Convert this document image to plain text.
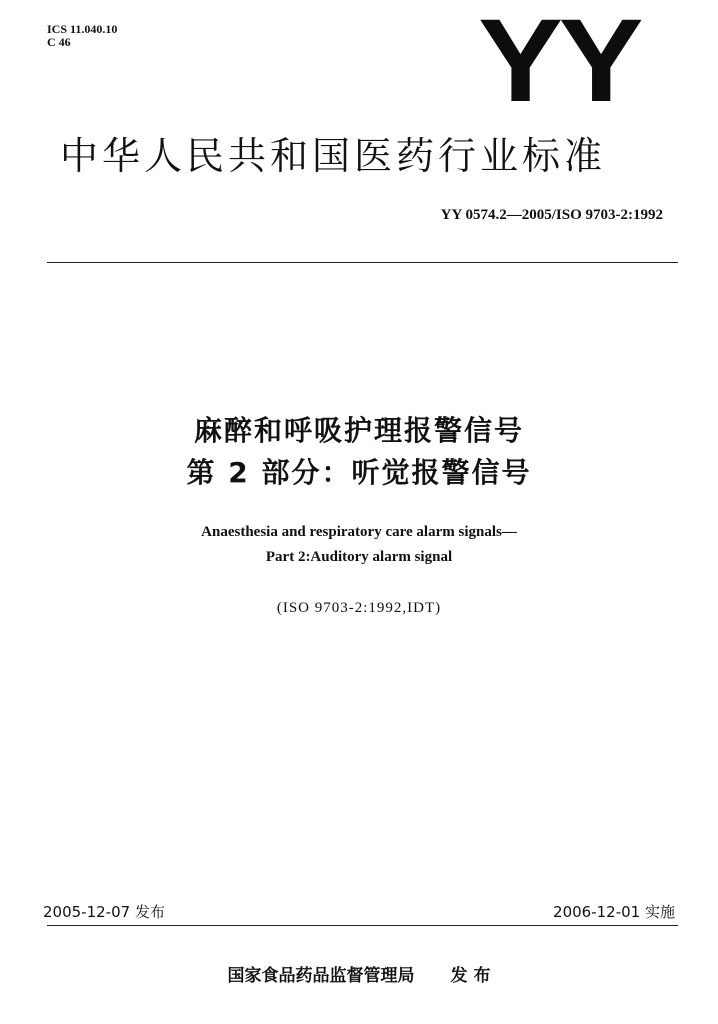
ICS 11.040.10
C 46	YY
中华人民共和国医药行业标准
YY 0574.2—2005/ISO 9703-2:1992
麻醉和呼吸护理报警信号
第 2 部分：听觉报警信号
Anaesthesia and respiratory care alarm signals—
Part 2:Auditory alarm signal
(ISO 9703-2:1992,IDT)
2005-12-07 发布	2006-12-01 实施
国家食品药品监督管理局 发 布
